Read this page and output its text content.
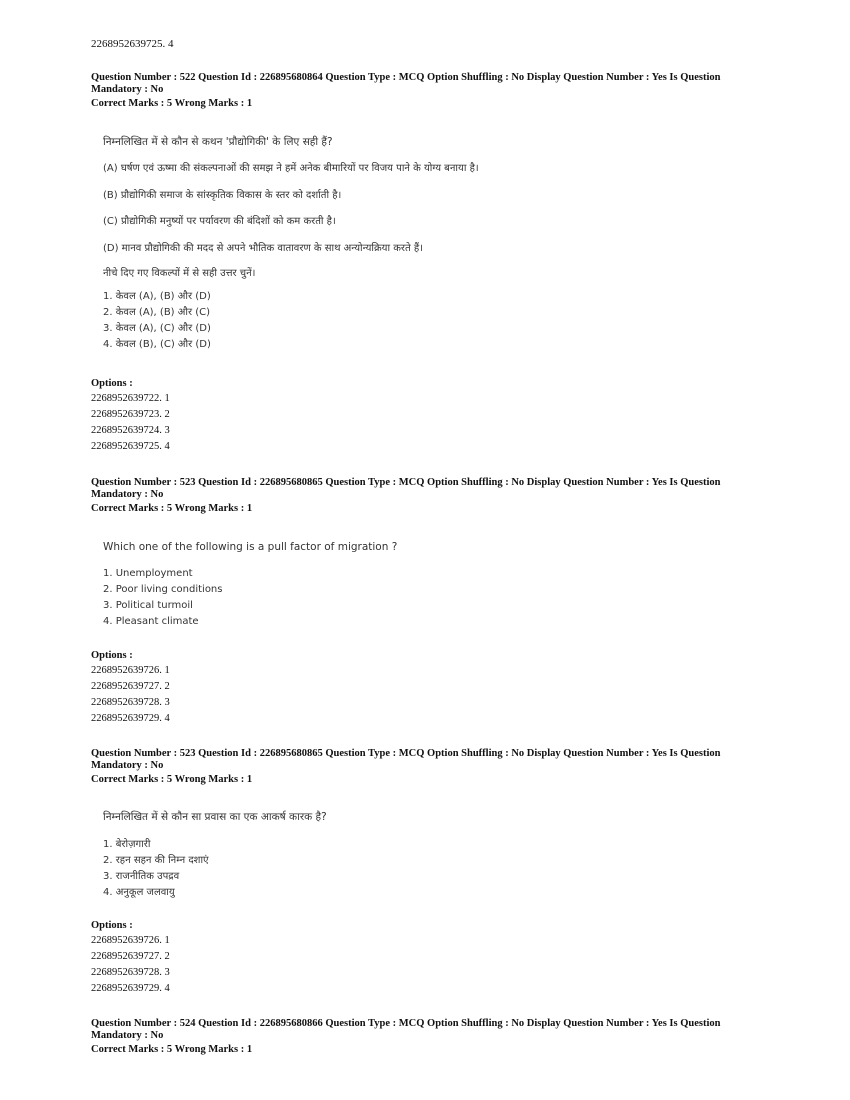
2268952639725. 4
Question Number : 522 Question Id : 226895680864 Question Type : MCQ Option Shuffling : No Display Question Number : Yes Is Question
Mandatory : No
Correct Marks : 5 Wrong Marks : 1
निम्नलिखित में से कौन से कथन 'प्रौद्योगिकी' के लिए सही हैं?
(A) घर्षण एवं ऊष्मा की संकल्पनाओं की समझ ने हमें अनेक बीमारियों पर विजय पाने के योग्य बनाया है।
(B) प्रौद्योगिकी समाज के सांस्कृतिक विकास के स्तर को दर्शाती है।
(C) प्रौद्योगिकी मनुष्यों पर पर्यावरण की बंदिशों को कम करती है।
(D) मानव प्रौद्योगिकी की मदद से अपने भौतिक वातावरण के साथ अन्योन्यक्रिया करते हैं।
नीचे दिए गए विकल्पों में से सही उत्तर चुनें।
1. केवल (A), (B) और (D)
2. केवल (A), (B) और (C)
3. केवल (A), (C) और (D)
4. केवल (B), (C) और (D)
Options :
2268952639722. 1
2268952639723. 2
2268952639724. 3
2268952639725. 4
Question Number : 523 Question Id : 226895680865 Question Type : MCQ Option Shuffling : No Display Question Number : Yes Is Question
Mandatory : No
Correct Marks : 5 Wrong Marks : 1
Which one of the following is a pull factor of migration ?
1. Unemployment
2. Poor living conditions
3. Political turmoil
4. Pleasant climate
Options :
2268952639726. 1
2268952639727. 2
2268952639728. 3
2268952639729. 4
Question Number : 523 Question Id : 226895680865 Question Type : MCQ Option Shuffling : No Display Question Number : Yes Is Question
Mandatory : No
Correct Marks : 5 Wrong Marks : 1
निम्नलिखित में से कौन सा प्रवास का एक आकर्ष कारक है?
1. बेरोज़गारी
2. रहन सहन की निम्न दशाएं
3. राजनीतिक उपद्रव
4. अनुकूल जलवायु
Options :
2268952639726. 1
2268952639727. 2
2268952639728. 3
2268952639729. 4
Question Number : 524 Question Id : 226895680866 Question Type : MCQ Option Shuffling : No Display Question Number : Yes Is Question
Mandatory : No
Correct Marks : 5 Wrong Marks : 1
